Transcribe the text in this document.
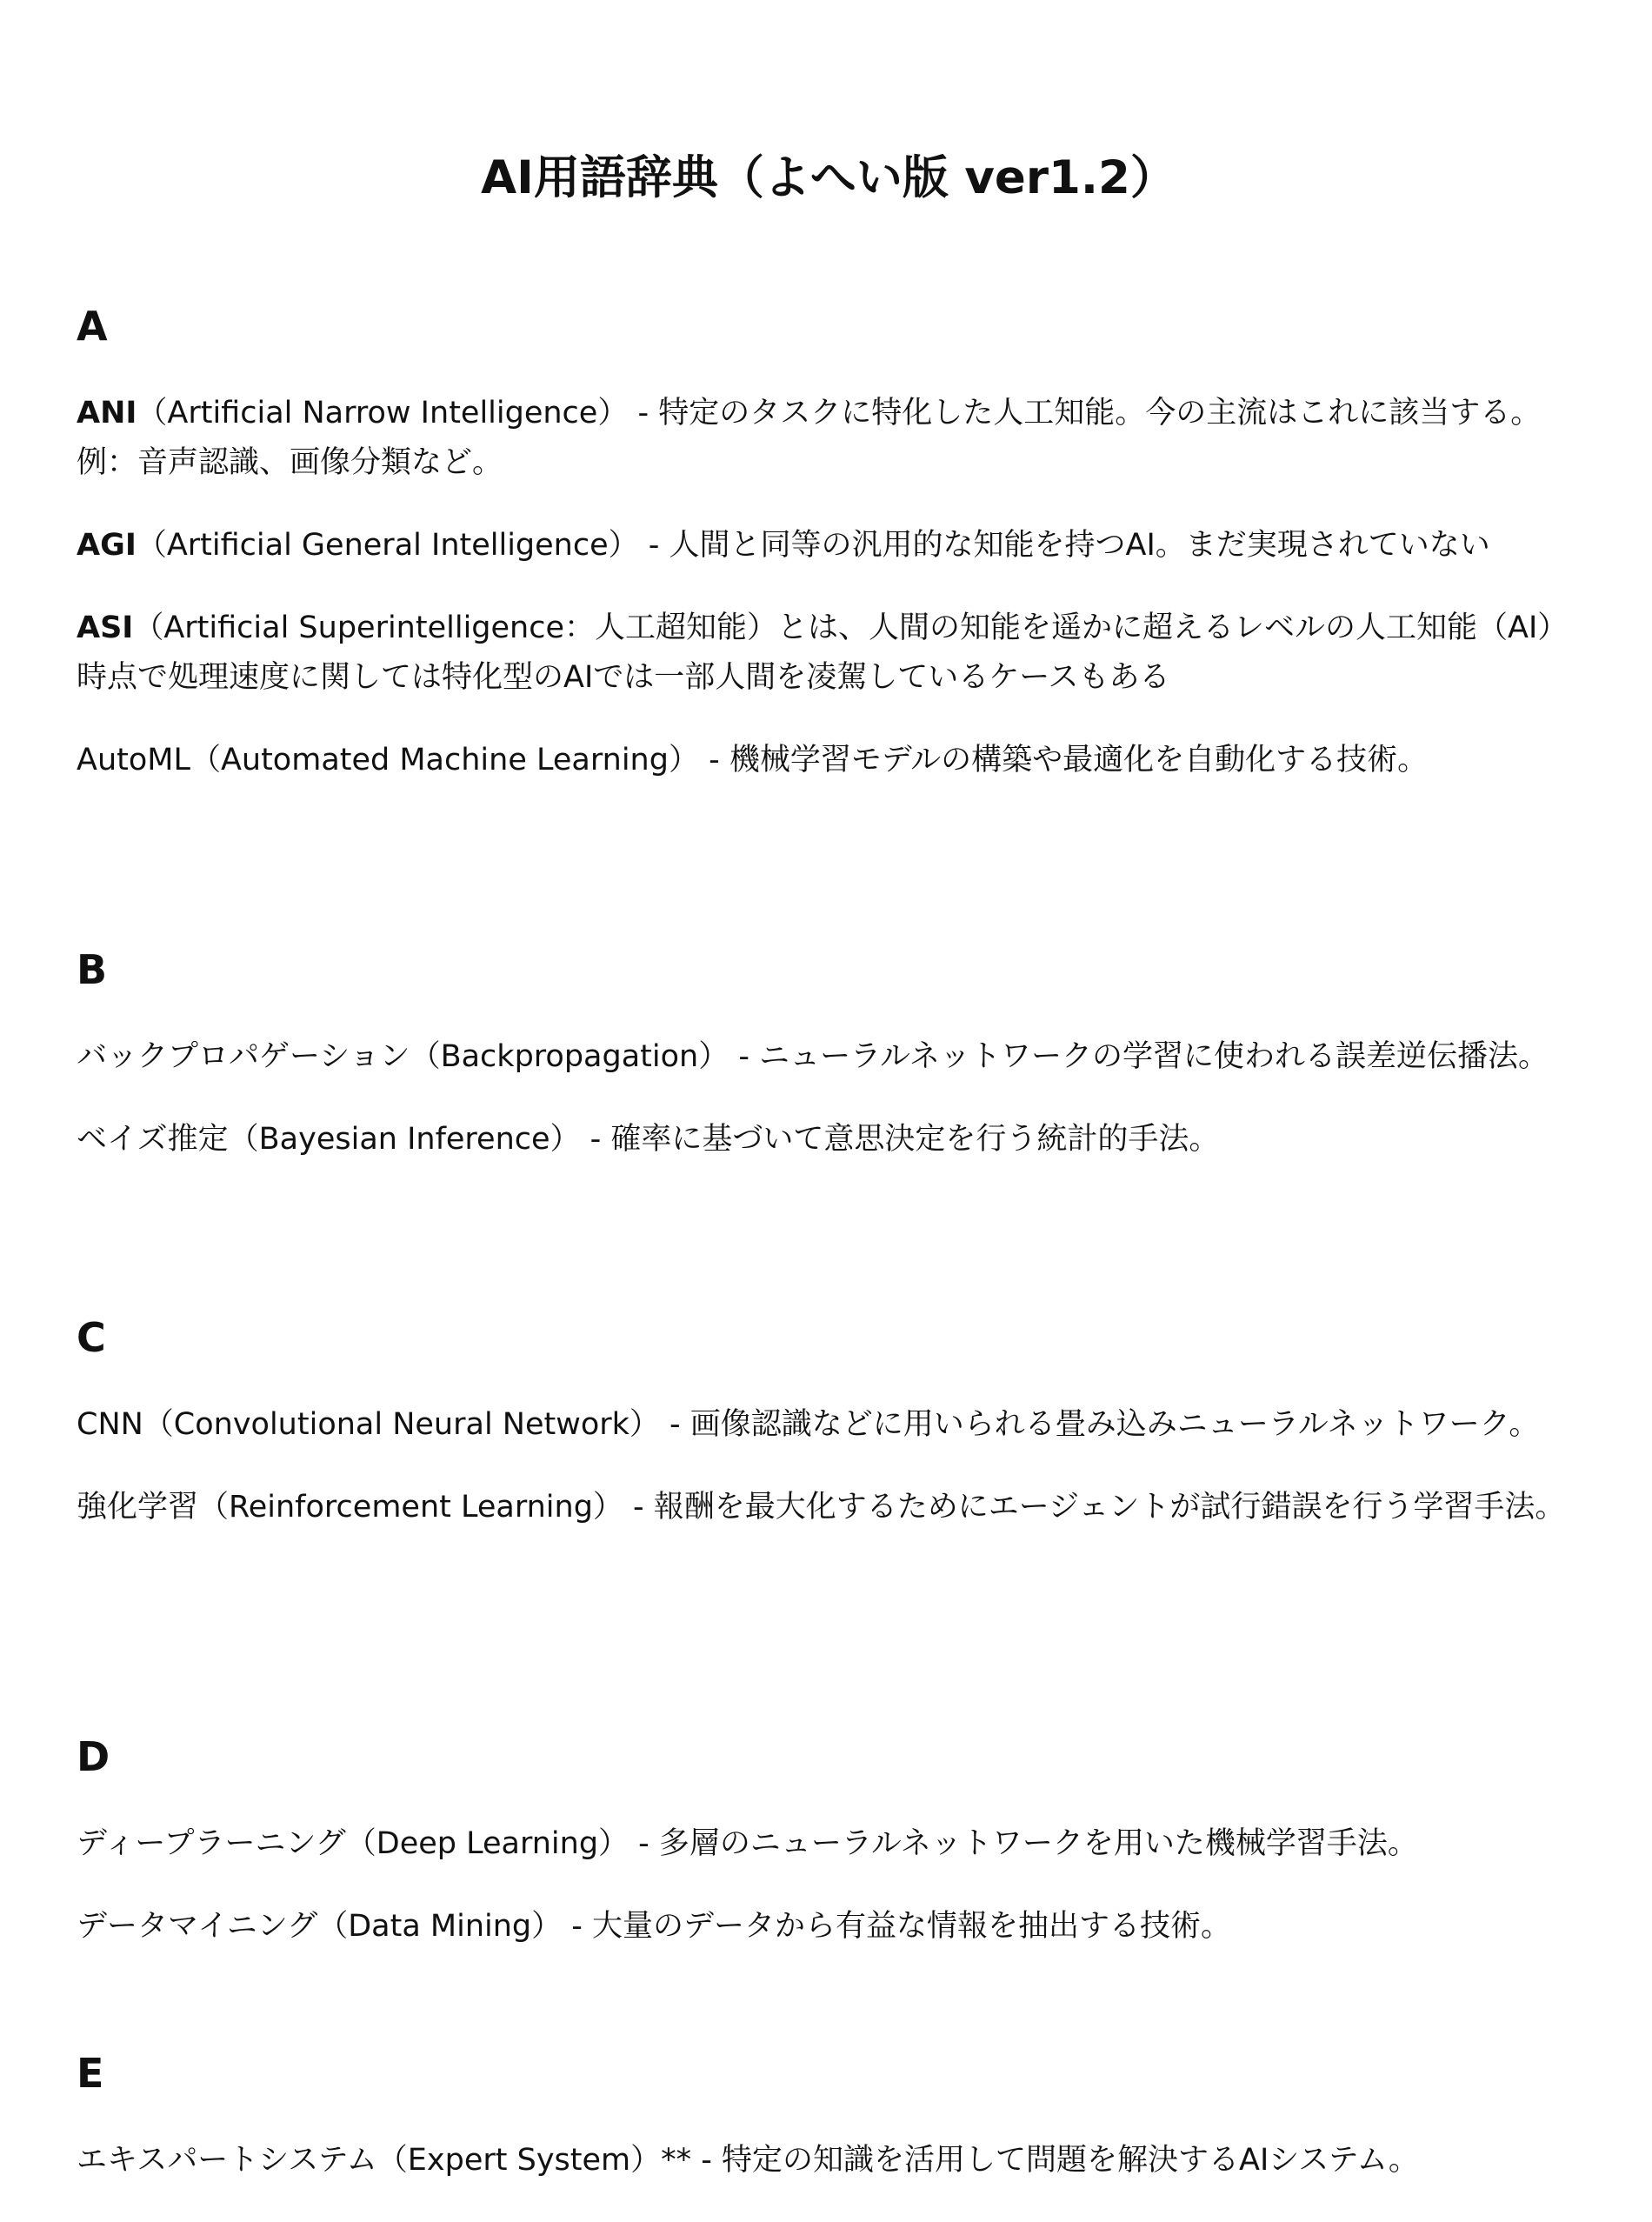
AI用語辞典（よへい版 ver1.2）
A

ANI（Artificial Narrow Intelligence） - 特定のタスクに特化した人工知能。今の主流はこれに該当する。
例：音声認識、画像分類など。

AGI（Artificial General Intelligence） - 人間と同等の汎用的な知能を持つAI。まだ実現されていない

ASI（Artificial Superintelligence：人工超知能）とは、人間の知能を遥かに超えるレベルの人工知能（AI）時点で処理速度に関しては特化型のAIでは一部人間を凌駕しているケースもある

AutoML（Automated Machine Learning） - 機械学習モデルの構築や最適化を自動化する技術。

B

バックプロパゲーション（Backpropagation） - ニューラルネットワークの学習に使われる誤差逆伝播法。

ベイズ推定（Bayesian Inference） - 確率に基づいて意思決定を行う統計的手法。

C

CNN（Convolutional Neural Network） - 画像認識などに用いられる畳み込みニューラルネットワーク。

強化学習（Reinforcement Learning） - 報酬を最大化するためにエージェントが試行錯誤を行う学習手法。

D

ディープラーニング（Deep Learning） - 多層のニューラルネットワークを用いた機械学習手法。

データマイニング（Data Mining） - 大量のデータから有益な情報を抽出する技術。

E

エキスパートシステム（Expert System）** - 特定の知識を活用して問題を解決するAIシステム。
